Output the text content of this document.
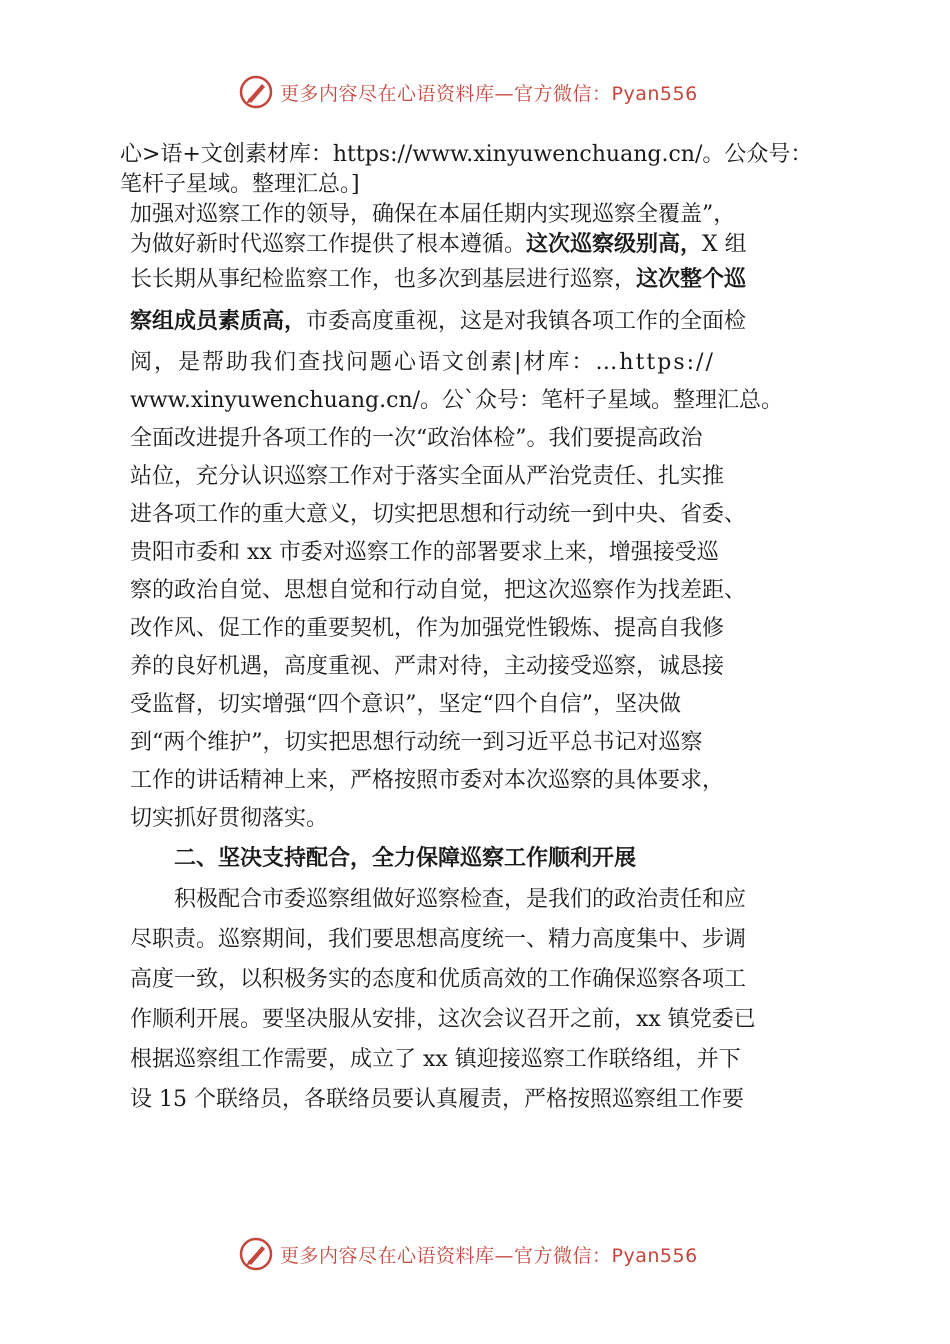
更多内容尽在心语资料库—官方微信：Pyan556
心>语+文创素材库：https://www.xinyuwenchuang.cn/。公众号：
笔杆子星域。整理汇总。]
加强对巡察工作的领导，确保在本届任期内实现巡察全覆盖”，
为做好新时代巡察工作提供了根本遵循。这次巡察级别高，X 组
长长期从事纪检监察工作，也多次到基层进行巡察，这次整个巡
察组成员素质高，市委高度重视，这是对我镇各项工作的全面检
阅，是帮助我们查找问题心语文创素|材库：…https://
www.xinyuwenchuang.cn/。公`众号：笔杆子星域。整理汇总。
全面改进提升各项工作的一次“政治体检”。我们要提高政治
站位，充分认识巡察工作对于落实全面从严治党责任、扎实推
进各项工作的重大意义，切实把思想和行动统一到中央、省委、
贵阳市委和 xx 市委对巡察工作的部署要求上来，增强接受巡
察的政治自觉、思想自觉和行动自觉，把这次巡察作为找差距、
改作风、促工作的重要契机，作为加强党性锻炼、提高自我修
养的良好机遇，高度重视、严肃对待，主动接受巡察，诚恳接
受监督，切实增强“四个意识”，坚定“四个自信”，坚决做
到“两个维护”，切实把思想行动统一到习近平总书记对巡察
工作的讲话精神上来，严格按照市委对本次巡察的具体要求，
切实抓好贯彻落实。
二、坚决支持配合，全力保障巡察工作顺利开展
积极配合市委巡察组做好巡察检查，是我们的政治责任和应
尽职责。巡察期间，我们要思想高度统一、精力高度集中、步调
高度一致，以积极务实的态度和优质高效的工作确保巡察各项工
作顺利开展。要坚决服从安排，这次会议召开之前，xx 镇党委已
根据巡察组工作需要，成立了 xx 镇迎接巡察工作联络组，并下
设 15 个联络员，各联络员要认真履责，严格按照巡察组工作要
更多内容尽在心语资料库—官方微信：Pyan556
